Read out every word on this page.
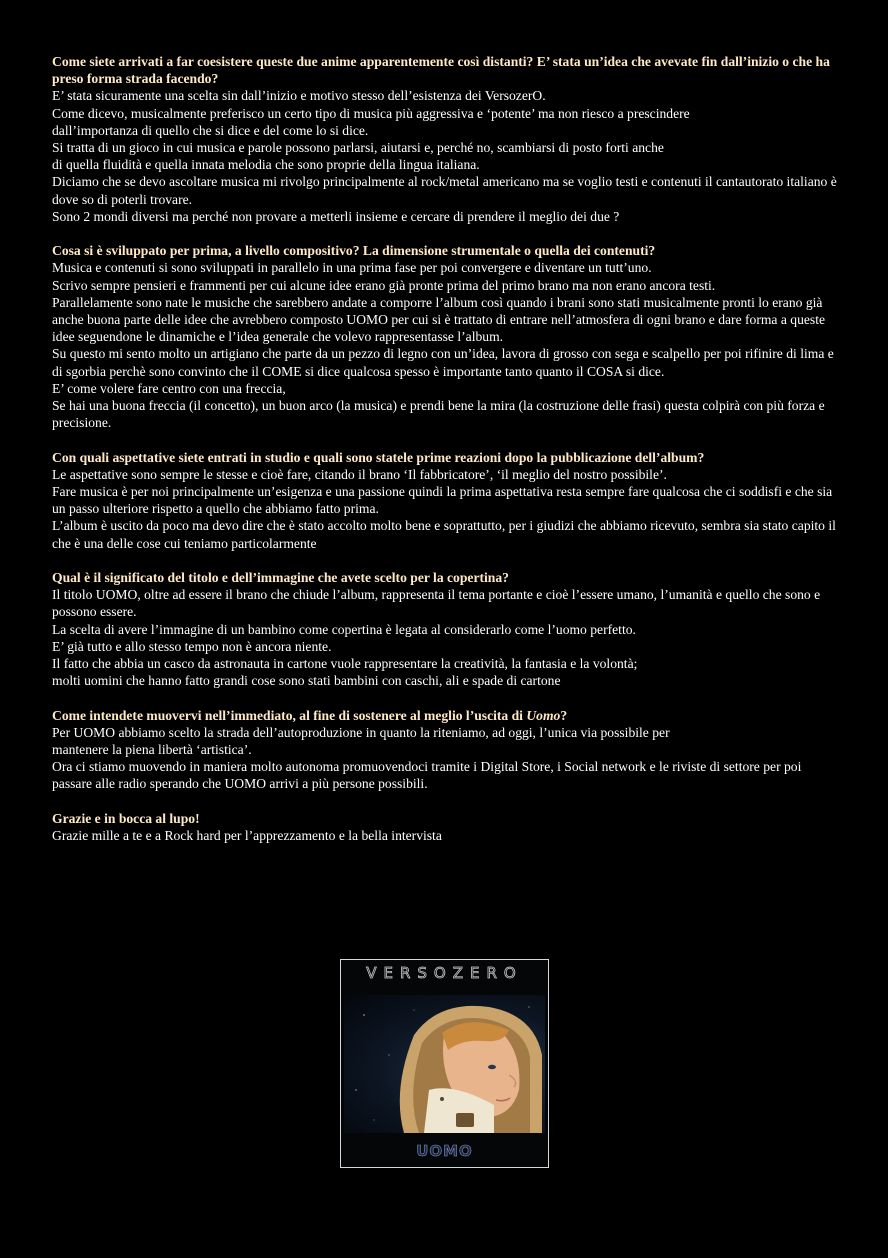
Come siete arrivati a far coesistere queste due anime apparentemente così distanti? E’ stata un’idea che avevate fin dall’inizio o che ha preso forma strada facendo?
E’ stata sicuramente una scelta sin dall’inizio e motivo stesso dell’esistenza dei VersozerO.
Come dicevo, musicalmente preferisco un certo tipo di musica più aggressiva e ‘potente’ ma non riesco a prescindere
dall’importanza di quello che si dice e del come lo si dice.
Si tratta di un gioco in cui musica e parole possono parlarsi, aiutarsi e, perché no, scambiarsi di posto forti anche
di quella fluidità e quella innata melodia che sono proprie della lingua italiana.
Diciamo che se devo ascoltare musica mi rivolgo principalmente al rock/metal americano ma se voglio testi e contenuti il cantautorato italiano è dove so di poterli trovare.
Sono 2 mondi diversi ma perché non provare a metterli insieme e cercare di prendere il meglio dei due ?
Cosa si è sviluppato per prima, a livello compositivo? La dimensione strumentale o quella dei contenuti?
Musica e contenuti si sono sviluppati in parallelo in una prima fase per poi convergere e diventare un tutt’uno.
Scrivo sempre pensieri e frammenti per cui alcune idee erano già pronte prima del primo brano ma non erano ancora testi.
Parallelamente sono nate le musiche che sarebbero andate a comporre l’album così quando i brani sono stati musicalmente pronti lo erano già anche buona parte delle idee che avrebbero composto UOMO per cui si è trattato di entrare nell’atmosfera di ogni brano e dare forma a queste idee seguendone le dinamiche e l’idea generale che volevo rappresentasse l’album.
Su questo mi sento molto un artigiano che parte da un pezzo di legno con un’idea, lavora di grosso con sega e scalpello per poi rifinire di lima e di sgorbia perchè sono convinto che il COME si dice qualcosa spesso è importante tanto quanto il COSA si dice.
E’ come volere fare centro con una freccia,
Se hai una buona freccia (il concetto), un buon arco (la musica) e prendi bene la mira (la costruzione delle frasi) questa colpirà con più forza e precisione.
Con quali aspettative siete entrati in studio e quali sono statele prime reazioni dopo la pubblicazione dell’album?
Le aspettative sono sempre le stesse e cioè fare, citando il brano ‘Il fabbricatore’, ‘il meglio del nostro possibile’.
Fare musica è per noi principalmente un’esigenza e una passione quindi la prima aspettativa resta sempre fare qualcosa che ci soddisfi e che sia un passo ulteriore rispetto a quello che abbiamo fatto prima.
L’album è uscito da poco ma devo dire che è stato accolto molto bene e soprattutto, per i giudizi che abbiamo ricevuto, sembra sia stato capito il che è una delle cose cui teniamo particolarmente
Qual è il significato del titolo e dell’immagine che avete scelto per la copertina?
Il titolo UOMO, oltre ad essere il brano che chiude l’album, rappresenta il tema portante e cioè l’essere umano, l’umanità e quello che sono e possono essere.
La scelta di avere l’immagine di un bambino come copertina è legata al considerarlo come l’uomo perfetto.
E’ già tutto e allo stesso tempo non è ancora niente.
Il fatto che abbia un casco da astronauta in cartone vuole rappresentare la creatività, la fantasia e la volontà;
molti uomini che hanno fatto grandi cose sono stati bambini con caschi, ali e spade di cartone
Come intendete muovervi nell’immediato, al fine di sostenere al meglio l’uscita di Uomo?
Per UOMO abbiamo scelto la strada dell’autoproduzione in quanto la riteniamo, ad oggi, l’unica via possibile per
mantenere la piena libertà ‘artistica’.
Ora ci stiamo muovendo in maniera molto autonoma promuovendoci tramite i Digital Store, i Social network e le riviste di settore per poi passare alle radio sperando che UOMO arrivi a più persone possibili.
Grazie e in bocca al lupo!
Grazie mille a te e a Rock hard per l’apprezzamento e la bella intervista
VERSOZERO
UOMO
